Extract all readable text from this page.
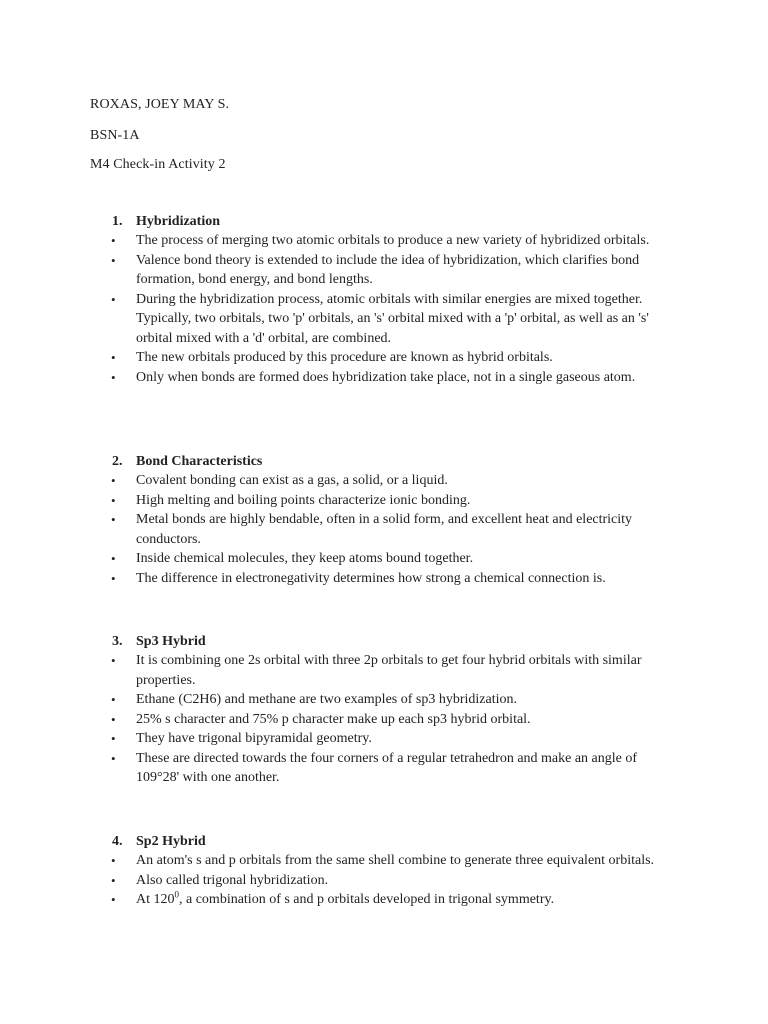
ROXAS, JOEY MAY S.
BSN-1A
M4 Check-in Activity 2
1. Hybridization
• The process of merging two atomic orbitals to produce a new variety of hybridized orbitals.
• Valence bond theory is extended to include the idea of hybridization, which clarifies bond formation, bond energy, and bond lengths.
• During the hybridization process, atomic orbitals with similar energies are mixed together. Typically, two orbitals, two 'p' orbitals, an 's' orbital mixed with a 'p' orbital, as well as an 's' orbital mixed with a 'd' orbital, are combined.
• The new orbitals produced by this procedure are known as hybrid orbitals.
• Only when bonds are formed does hybridization take place, not in a single gaseous atom.
2. Bond Characteristics
• Covalent bonding can exist as a gas, a solid, or a liquid.
• High melting and boiling points characterize ionic bonding.
• Metal bonds are highly bendable, often in a solid form, and excellent heat and electricity conductors.
• Inside chemical molecules, they keep atoms bound together.
• The difference in electronegativity determines how strong a chemical connection is.
3. Sp3 Hybrid
• It is combining one 2s orbital with three 2p orbitals to get four hybrid orbitals with similar properties.
• Ethane (C2H6) and methane are two examples of sp3 hybridization.
• 25% s character and 75% p character make up each sp3 hybrid orbital.
• They have trigonal bipyramidal geometry.
• These are directed towards the four corners of a regular tetrahedron and make an angle of 109°28' with one another.
4. Sp2 Hybrid
• An atom's s and p orbitals from the same shell combine to generate three equivalent orbitals.
• Also called trigonal hybridization.
• At $120^0$, a combination of s and p orbitals developed in trigonal symmetry.
